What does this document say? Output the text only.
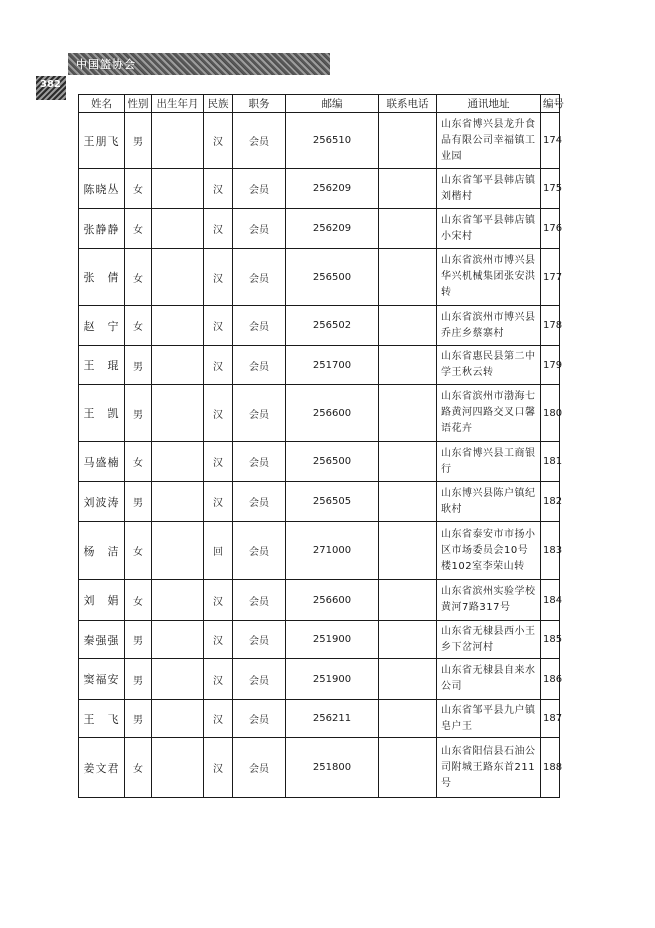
中国篮协会
382
姓名	性别	出生年月	民族	职务	邮编	联系电话	通讯地址	编号
王朋飞	男		汉	会员	256510		山东省博兴县龙升食品有限公司幸福镇工业园	174
陈晓丛	女		汉	会员	256209		山东省邹平县韩店镇刘楷村	175
张静静	女		汉	会员	256209		山东省邹平县韩店镇小宋村	176
张　倩	女		汉	会员	256500		山东省滨州市博兴县华兴机械集团张安洪转	177
赵　宁	女		汉	会员	256502		山东省滨州市博兴县乔庄乡蔡寨村	178
王　琨	男		汉	会员	251700		山东省惠民县第二中学王秋云转	179
王　凯	男		汉	会员	256600		山东省滨州市渤海七路黄河四路交叉口馨语花卉	180
马盛楠	女		汉	会员	256500		山东省博兴县工商银行	181
刘波涛	男		汉	会员	256505		山东博兴县陈户镇纪耿村	182
杨　洁	女		回	会员	271000		山东省泰安市市扬小区市场委员会10号楼102室李荣山转	183
刘　娟	女		汉	会员	256600		山东省滨州实验学校黄河7路317号	184
秦强强	男		汉	会员	251900		山东省无棣县西小王乡下岔河村	185
窦福安	男		汉	会员	251900		山东省无棣县自来水公司	186
王　飞	男		汉	会员	256211		山东省邹平县九户镇皂户王	187
姜文君	女		汉	会员	251800		山东省阳信县石油公司附城王路东首211号	188
